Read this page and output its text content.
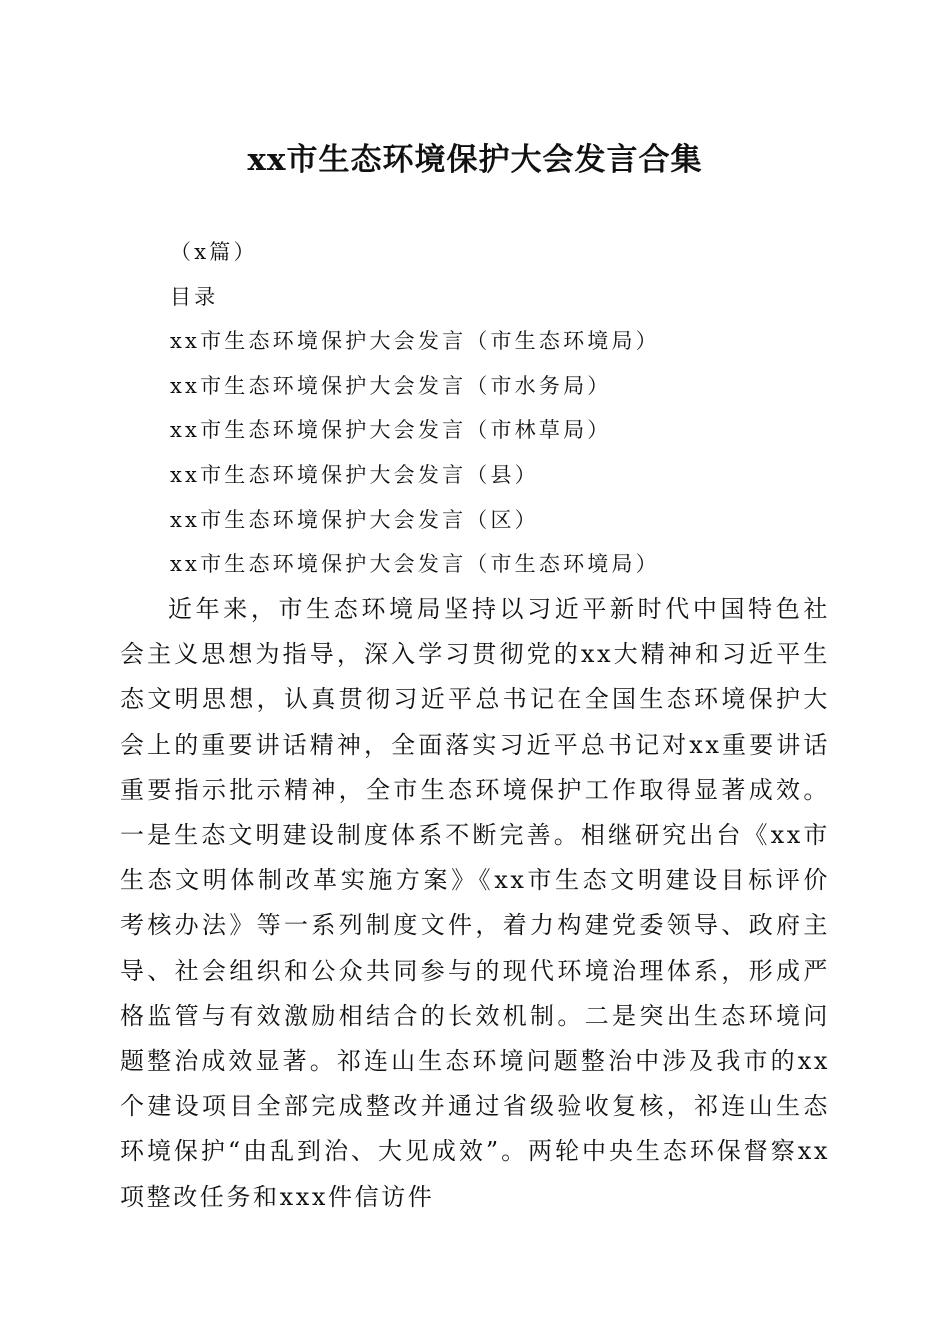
xx市生态环境保护大会发言合集
（x篇）
目录
xx市生态环境保护大会发言（市生态环境局）
xx市生态环境保护大会发言（市水务局）
xx市生态环境保护大会发言（市林草局）
xx市生态环境保护大会发言（县）
xx市生态环境保护大会发言（区）
xx市生态环境保护大会发言（市生态环境局）

近年来，市生态环境局坚持以习近平新时代中国特色社会主义思想为指导，深入学习贯彻党的xx大精神和习近平生态文明思想，认真贯彻习近平总书记在全国生态环境保护大会上的重要讲话精神，全面落实习近平总书记对xx重要讲话重要指示批示精神，全市生态环境保护工作取得显著成效。一是生态文明建设制度体系不断完善。相继研究出台《xx市生态文明体制改革实施方案》《xx市生态文明建设目标评价考核办法》等一系列制度文件，着力构建党委领导、政府主导、社会组织和公众共同参与的现代环境治理体系，形成严格监管与有效激励相结合的长效机制。二是突出生态环境问题整治成效显著。祁连山生态环境问题整治中涉及我市的xx个建设项目全部完成整改并通过省级验收复核，祁连山生态环境保护“由乱到治、大见成效”。两轮中央生态环保督察xx项整改任务和xxx件信访件
